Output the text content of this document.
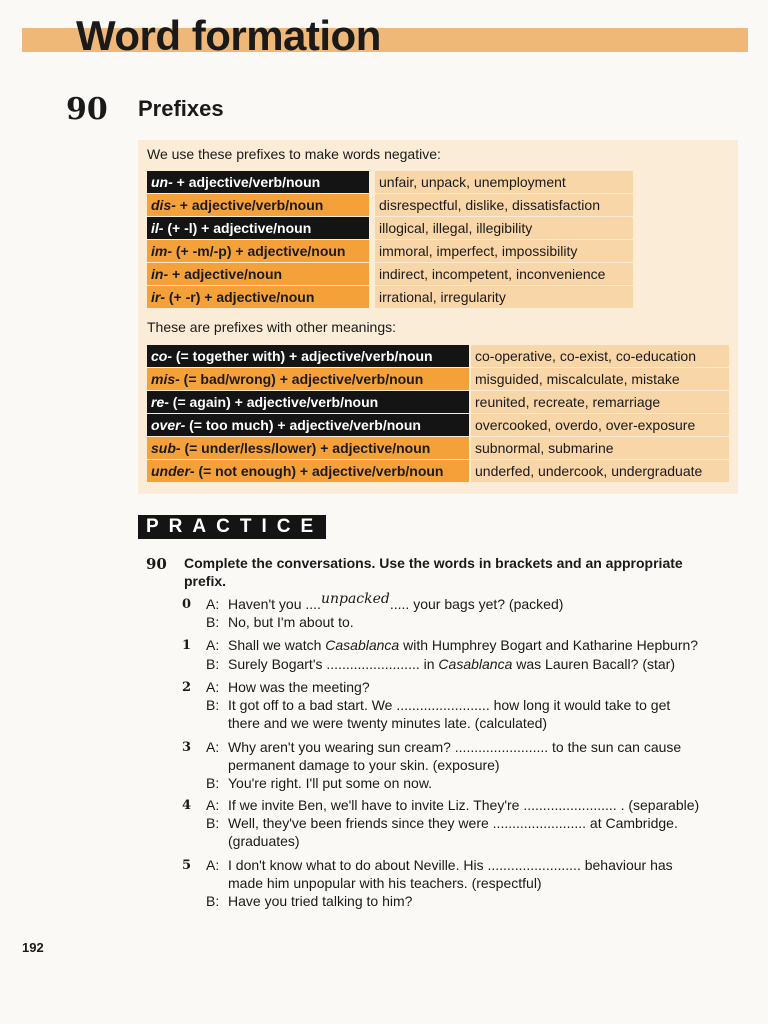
Word formation
90 Prefixes
We use these prefixes to make words negative:
un- + adjective/verb/noun	unfair, unpack, unemployment
dis- + adjective/verb/noun	disrespectful, dislike, dissatisfaction
il- (+ -l) + adjective/noun	illogical, illegal, illegibility
im- (+ -m/-p) + adjective/noun	immoral, imperfect, impossibility
in- + adjective/noun	indirect, incompetent, inconvenience
ir- (+ -r) + adjective/noun	irrational, irregularity
These are prefixes with other meanings:
co- (= together with) + adjective/verb/noun	co-operative, co-exist, co-education
mis- (= bad/wrong) + adjective/verb/noun	misguided, miscalculate, mistake
re- (= again) + adjective/verb/noun	reunited, recreate, remarriage
over- (= too much) + adjective/verb/noun	overcooked, overdo, over-exposure
sub- (= under/less/lower) + adjective/noun	subnormal, submarine
under- (= not enough) + adjective/verb/noun	underfed, undercook, undergraduate
PRACTICE
90 Complete the conversations. Use the words in brackets and an appropriate prefix.
0 A: Haven't you ....unpacked..... your bags yet? (packed)
B: No, but I'm about to.
1 A: Shall we watch Casablanca with Humphrey Bogart and Katharine Hepburn?
B: Surely Bogart's ........................ in Casablanca was Lauren Bacall? (star)
2 A: How was the meeting?
B: It got off to a bad start. We ........................ how long it would take to get
there and we were twenty minutes late. (calculated)
3 A: Why aren't you wearing sun cream? ........................ to the sun can cause
permanent damage to your skin. (exposure)
B: You're right. I'll put some on now.
4 A: If we invite Ben, we'll have to invite Liz. They're ........................ . (separable)
B: Well, they've been friends since they were ........................ at Cambridge.
(graduates)
5 A: I don't know what to do about Neville. His ........................ behaviour has
made him unpopular with his teachers. (respectful)
B: Have you tried talking to him?
192
